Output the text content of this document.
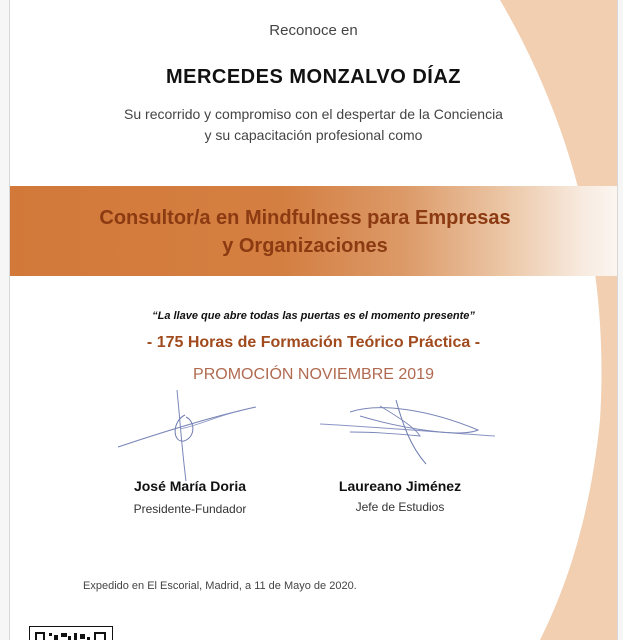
Reconoce en
MERCEDES MONZALVO DÍAZ
Su recorrido y compromiso con el despertar de la Conciencia
y su capacitación profesional como
Consultor/a en Mindfulness para Empresas
y Organizaciones
“La llave que abre todas las puertas es el momento presente”
- 175 Horas de Formación Teórico Práctica -
PROMOCIÓN NOVIEMBRE 2019
José María Doria
Presidente-Fundador
Laureano Jiménez
Jefe de Estudios
Expedido en El Escorial, Madrid, a 11 de Mayo de 2020.
